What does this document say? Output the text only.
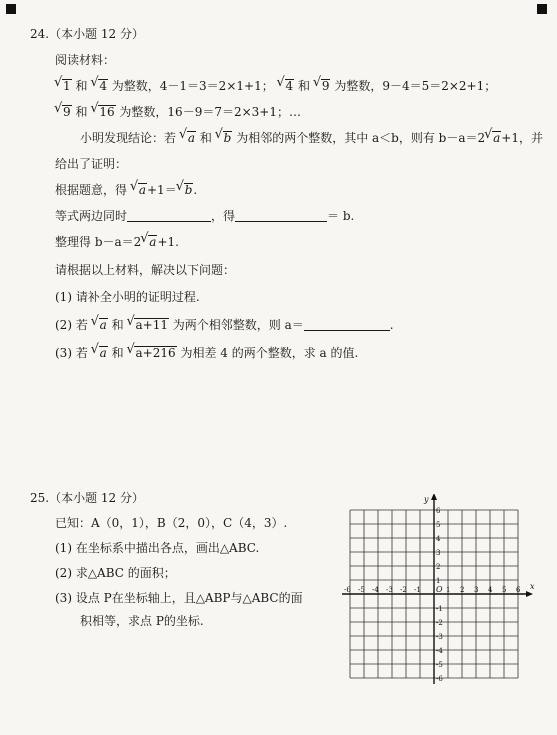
24.（本小题 12 分）
阅读材料：
√ 1 和 √ 4 为整数，4－1＝3＝2×1+1； √ 4 和 √ 9 为整数，9－4＝5＝2×2+1；
√ 9 和 √ 16 为整数，16－9＝7＝2×3+1；…
小明发现结论：若 √ a 和 √ b 为相邻的两个整数，其中 a＜b，则有 b－a＝2 √ a+1，并
给出了证明：
根据题意，得 √ a+1＝ √ b.
等式两边同时	，得	＝ b.
整理得 b－a＝2 √ a+1.
请根据以上材料，解决以下问题：
(1) 请补全小明的证明过程.
(2) 若 √ a 和 √ a+11 为两个相邻整数，则 a＝	.
(3) 若 √ a 和 √ a+216 为相差 4 的两个整数，求 a 的值.
25.（本小题 12 分）
已知：A（0，1），B（2，0），C（4，3）.
(1) 在坐标系中描出各点，画出△ABC.
(2) 求△ABC 的面积；
(3) 设点 P在坐标轴上，且△ABP与△ABC的面
积相等，求点 P的坐标.
x
y
O
-6 -5 -4 -3 -2 -1	1 2 3 4 5 6
6
5
4
3
2
1
-1
-2
-3
-4
-5
-6
